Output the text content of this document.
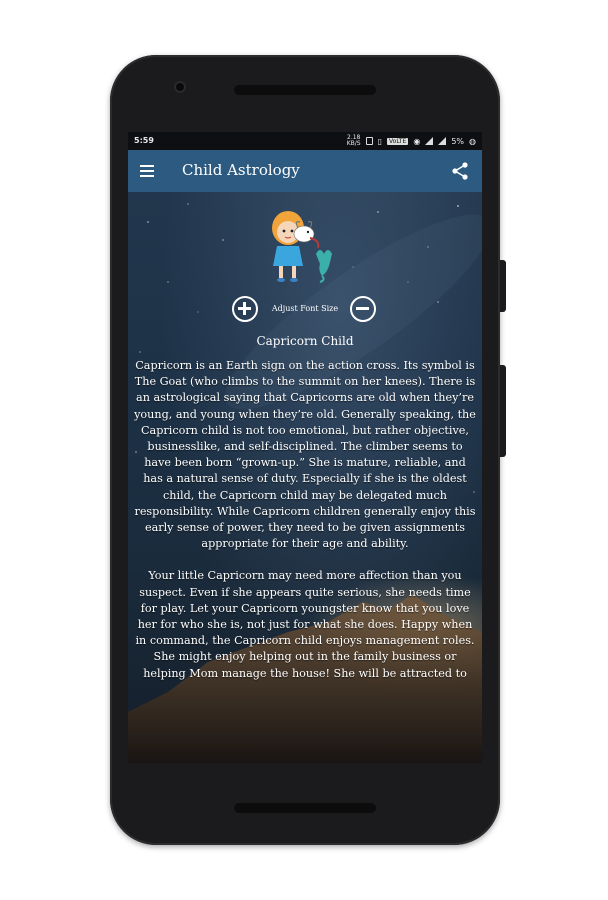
5:59	2.18
KB/S ▯	VoLTE ◉	5% ◍
Child Astrology
Adjust Font Size
Capricorn Child

Capricorn is an Earth sign on the action cross. Its symbol is The Goat (who climbs to the summit on her knees). There is an astrological saying that Capricorns are old when they’re young, and young when they’re old. Generally speaking, the Capricorn child is not too emotional, but rather objective, businesslike, and self-disciplined. The climber seems to have been born “grown-up.” She is mature, reliable, and has a natural sense of duty. Especially if she is the oldest child, the Capricorn child may be delegated much responsibility. While Capricorn children generally enjoy this early sense of power, they need to be given assignments appropriate for their age and ability.

Your little Capricorn may need more affection than you suspect. Even if she appears quite serious, she needs time for play. Let your Capricorn youngster know that you love her for who she is, not just for what she does. Happy when in command, the Capricorn child enjoys management roles. She might enjoy helping out in the family business or helping Mom manage the house! She will be attracted to
